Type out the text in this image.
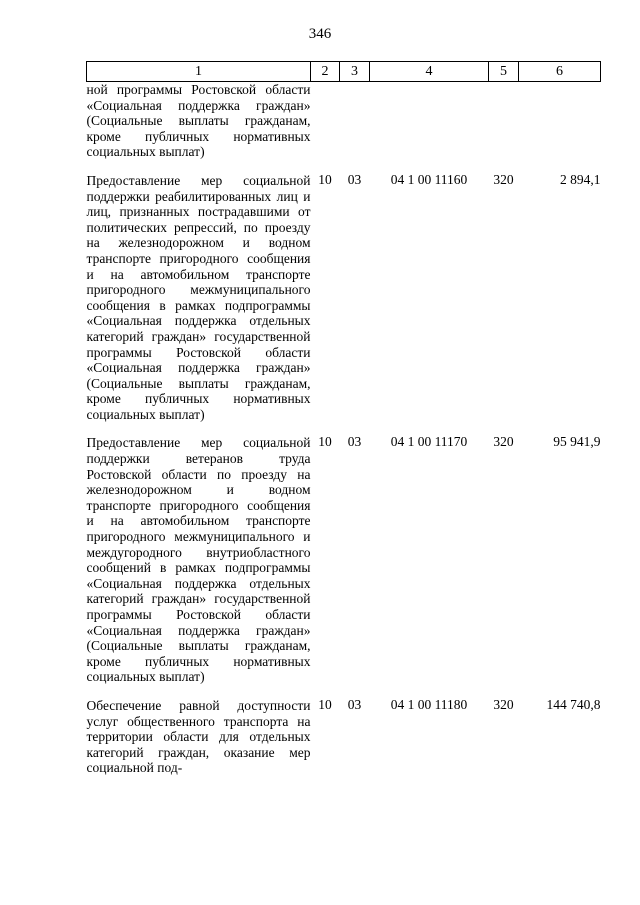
346
1	2	3	4	5	6
ной программы Ростовской области «Социальная поддержка граждан» (Социальные выплаты гражданам, кроме публичных нормативных социальных выплат)					
Предоставление мер социальной поддержки реабилитированных лиц и лиц, признанных пострадавшими от политических репрессий, по проезду на железнодорожном и водном транспорте пригородного сообщения и на автомобильном транспорте пригородного межмуниципального сообщения в рамках подпрограммы «Социальная поддержка отдельных категорий граждан» государственной программы Ростовской области «Социальная поддержка граждан» (Социальные выплаты гражданам, кроме публичных нормативных социальных выплат)	10	03	04 1 00 11160	320	2 894,1
Предоставление мер социальной поддержки ветеранов труда Ростовской области по проезду на железнодорожном и водном транспорте пригородного сообщения и на автомобильном транспорте пригородного межмуниципального и междугородного внутриобластного сообщений в рамках подпрограммы «Социальная поддержка отдельных категорий граждан» государственной программы Ростовской области «Социальная поддержка граждан» (Социальные выплаты гражданам, кроме публичных нормативных социальных выплат)	10	03	04 1 00 11170	320	95 941,9
Обеспечение равной доступности услуг общественного транспорта на территории области для отдельных категорий граждан, оказание мер социальной под-	10	03	04 1 00 11180	320	144 740,8
